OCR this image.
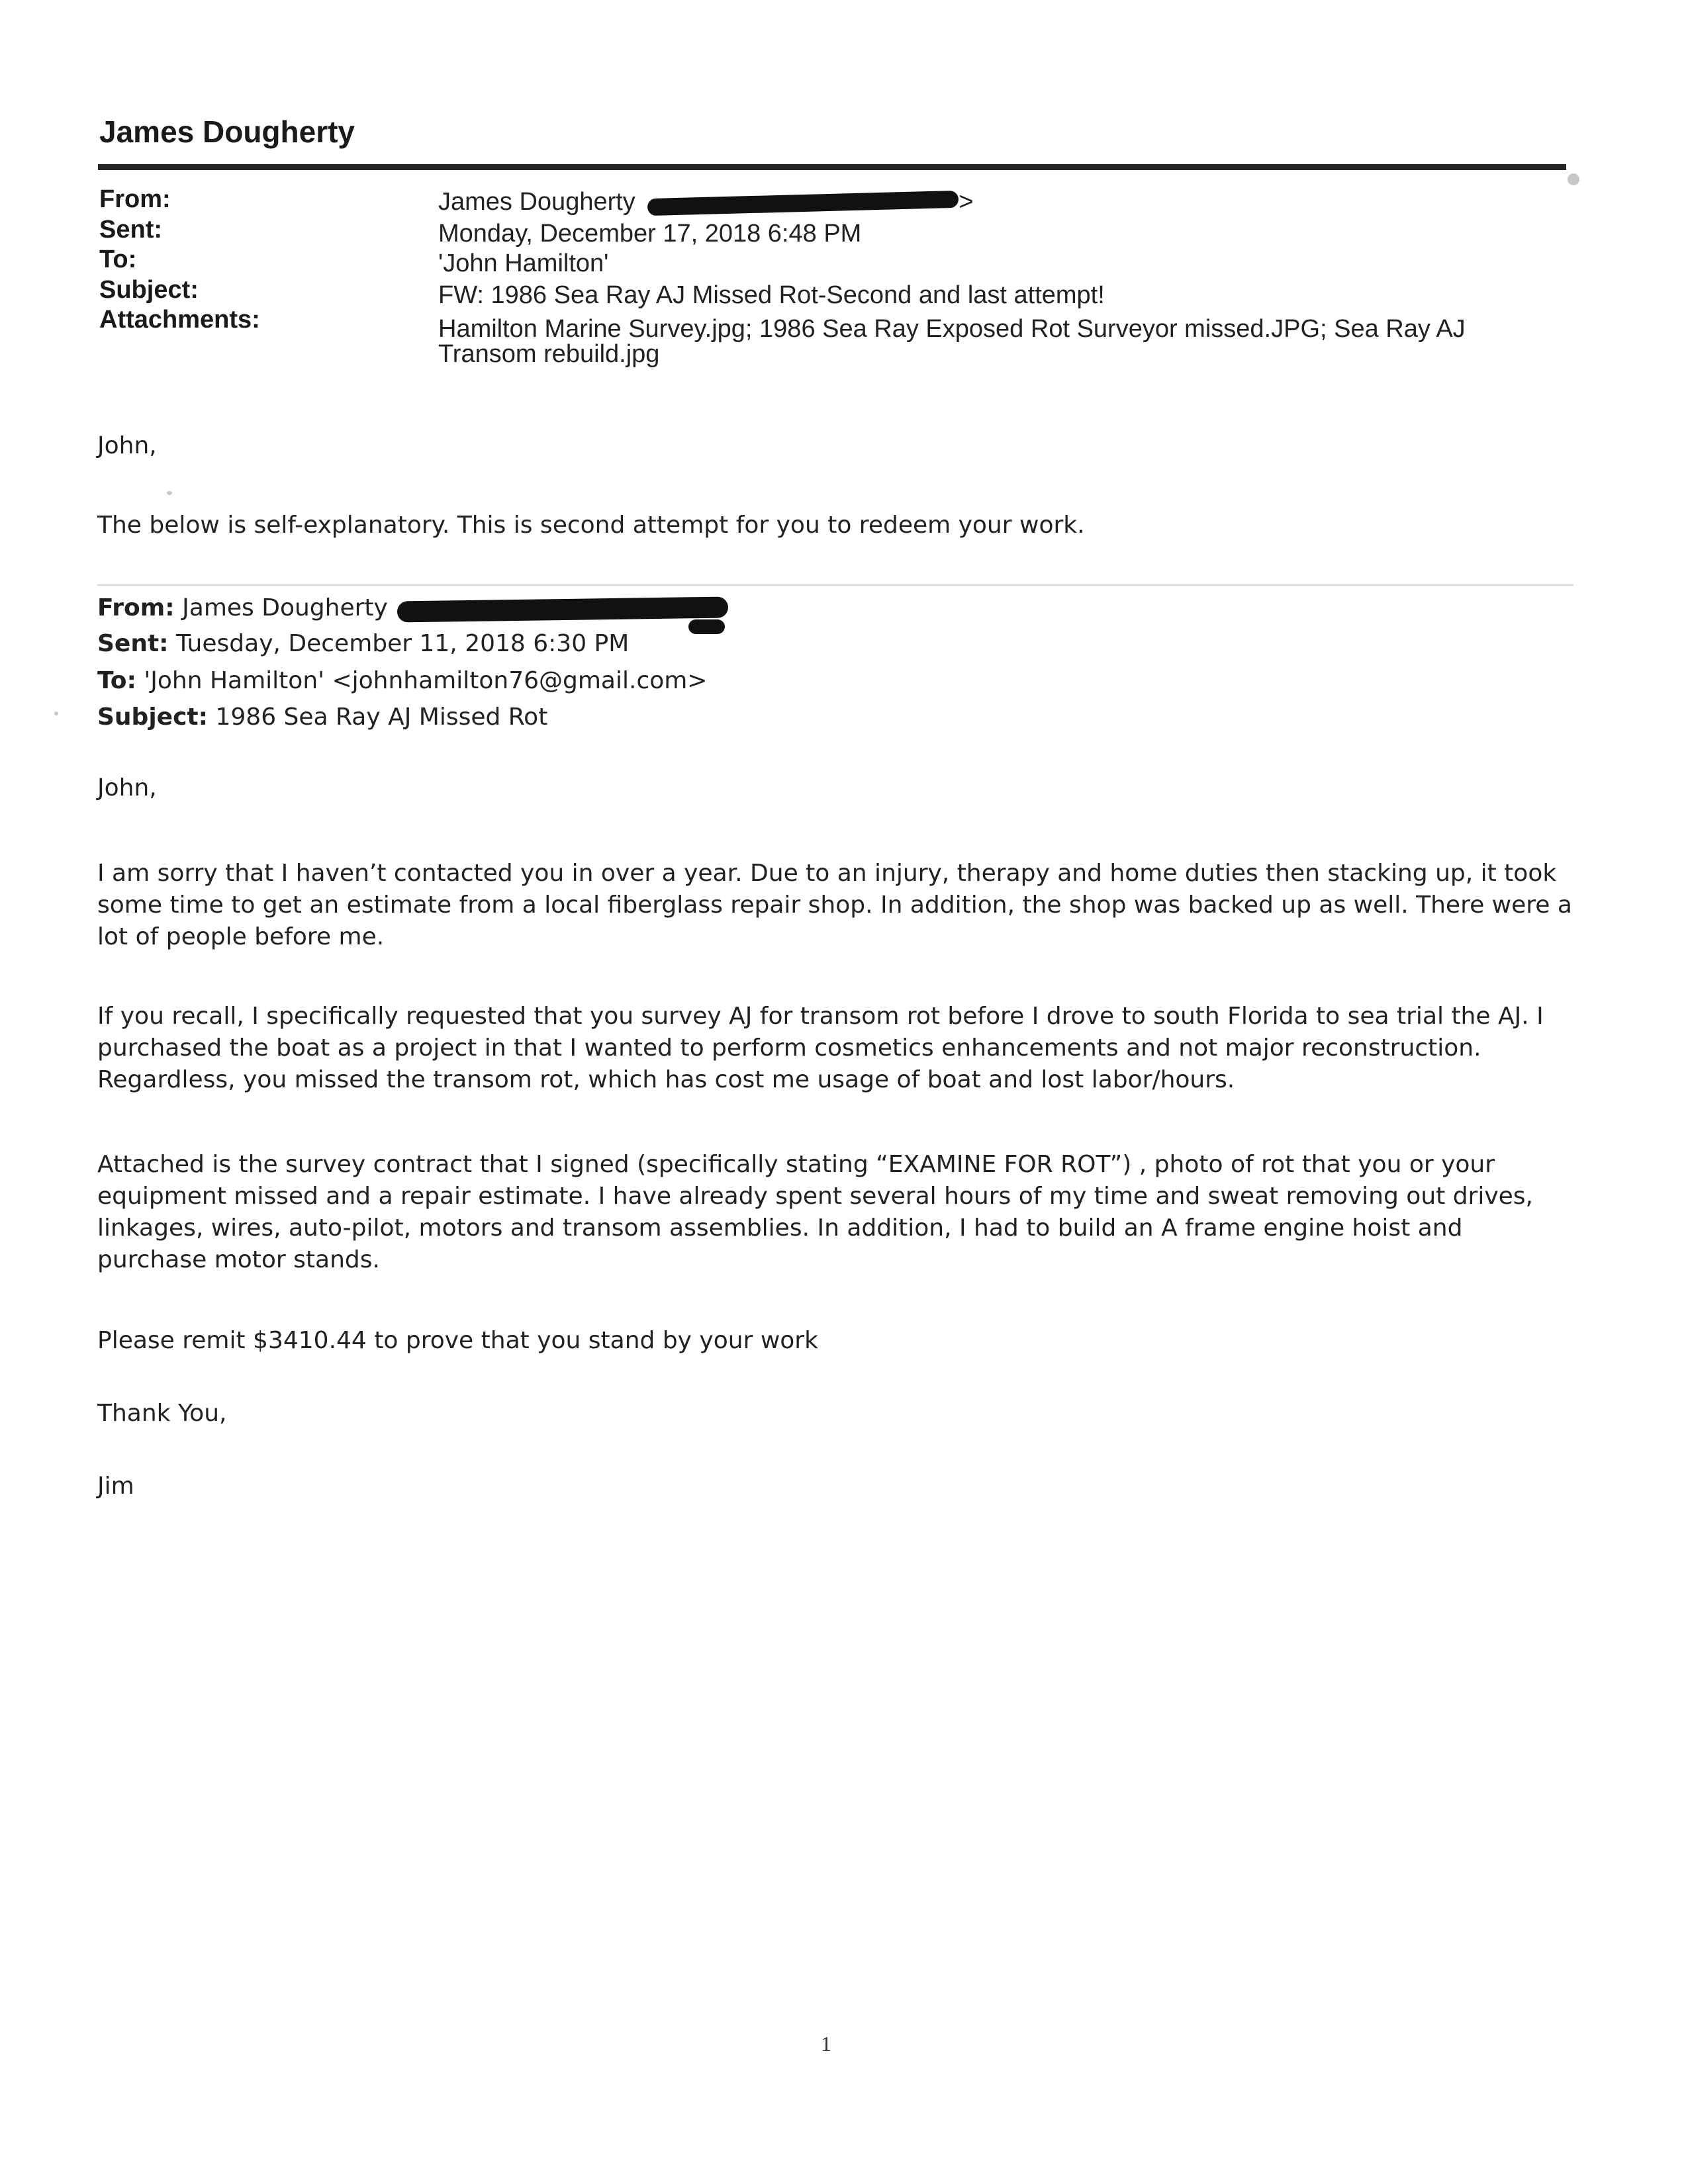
James Dougherty
From:	James Dougherty	>
Sent:	Monday, December 17, 2018 6:48 PM
To:	'John Hamilton'
Subject:	FW: 1986 Sea Ray AJ Missed Rot-Second and last attempt!
Attachments:	Hamilton Marine Survey.jpg; 1986 Sea Ray Exposed Rot Surveyor missed.JPG; Sea Ray AJ
Transom rebuild.jpg
John,
The below is self-explanatory. This is second attempt for you to redeem your work.
From: James Dougherty
Sent: Tuesday, December 11, 2018 6:30 PM
To: 'John Hamilton' <johnhamilton76@gmail.com>
Subject: 1986 Sea Ray AJ Missed Rot
John,
I am sorry that I haven’t contacted you in over a year. Due to an injury, therapy and home duties then stacking up, it took some time to get an estimate from a local fiberglass repair shop. In addition, the shop was backed up as well. There were a lot of people before me.
If you recall, I specifically requested that you survey AJ for transom rot before I drove to south Florida to sea trial the AJ. I purchased the boat as a project in that I wanted to perform cosmetics enhancements and not major reconstruction. Regardless, you missed the transom rot, which has cost me usage of boat and lost labor/hours.
Attached is the survey contract that I signed (specifically stating “EXAMINE FOR ROT”) , photo of rot that you or your equipment missed and a repair estimate. I have already spent several hours of my time and sweat removing out drives, linkages, wires, auto-pilot, motors and transom assemblies. In addition, I had to build an A frame engine hoist and purchase motor stands.
Please remit $3410.44 to prove that you stand by your work
Thank You,
Jim
1
